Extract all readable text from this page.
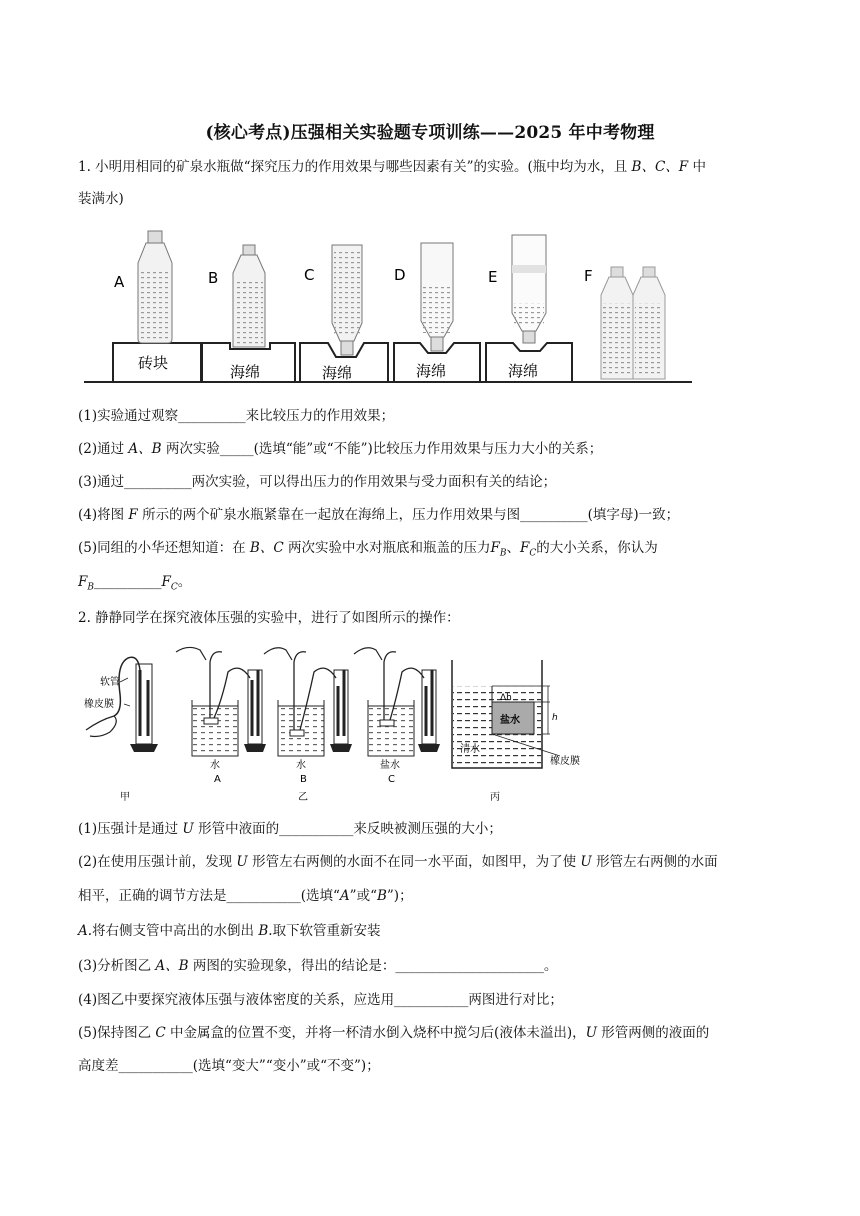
(核心考点)压强相关实验题专项训练——2025 年中考物理
1. 小明用相同的矿泉水瓶做“探究压力的作用效果与哪些因素有关”的实验。(瓶中均为水，且 B、C、F 中
装满水)
A	B	C	D	E	F
砖块	海绵	海绵	海绵	海绵
(1)实验通过观察__________来比较压力的作用效果；
(2)通过 A、B 两次实验_____(选填“能”或“不能”)比较压力作用效果与压力大小的关系；
(3)通过__________两次实验，可以得出压力的作用效果与受力面积有关的结论；
(4)将图 F 所示的两个矿泉水瓶紧靠在一起放在海绵上，压力作用效果与图__________(填字母)一致；
(5)同组的小华还想知道：在 B、C 两次实验中水对瓶底和瓶盖的压力$F_B$、$F_C$的大小关系，你认为
$F_B\_\_\_\_\_\_\_\_\_\_F_C$。
2. 静静同学在探究液体压强的实验中，进行了如图所示的操作：
软管
橡皮膜
甲
水
A
水
B
乙
盐水
C
Δh
h
盐水
清水
橡皮膜
丙
(1)压强计是通过 U 形管中液面的___________来反映被测压强的大小；
(2)在使用压强计前，发现 U 形管左右两侧的水面不在同一水平面，如图甲，为了使 U 形管左右两侧的水面
相平，正确的调节方法是___________(选填“A”或“B”)；
A.将右侧支管中高出的水倒出 B.取下软管重新安装
(3)分析图乙 A、B 两图的实验现象，得出的结论是：______________________。
(4)图乙中要探究液体压强与液体密度的关系，应选用___________两图进行对比；
(5)保持图乙 C 中金属盒的位置不变，并将一杯清水倒入烧杯中搅匀后(液体未溢出)，U 形管两侧的液面的
高度差___________(选填“变大”“变小”或“不变”)；
